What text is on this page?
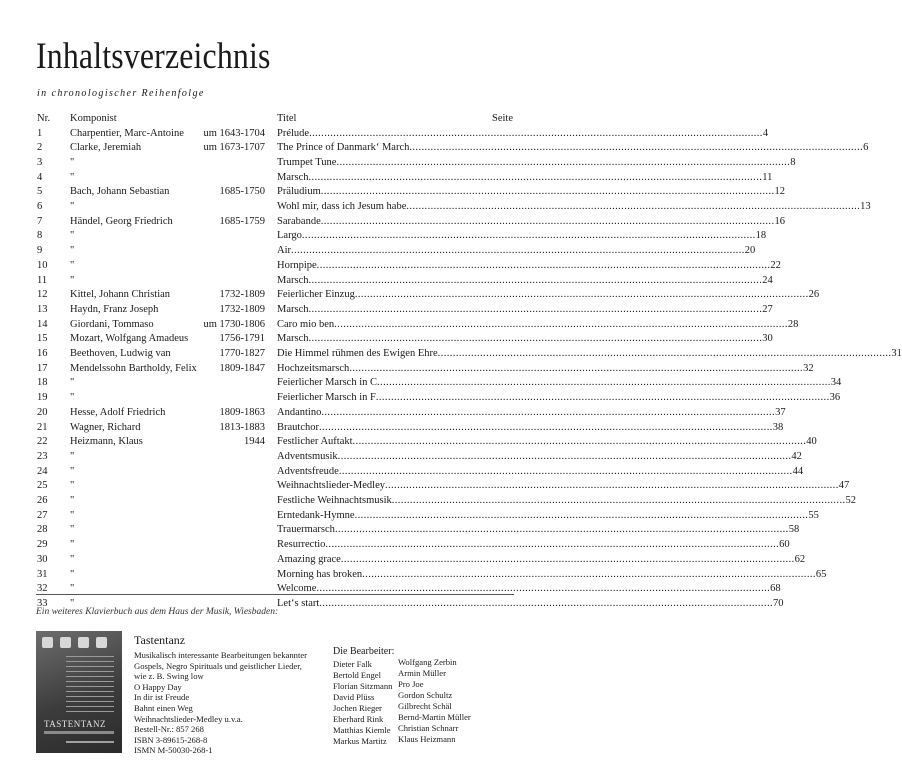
Inhaltsverzeichnis
in chronologischer Reihenfolge
Nr. Komponist	Titel	Seite
1	Charpentier, Marc-Antoine	um 1643-1704 Prélude .....	4
2	Clarke, Jeremiah	um 1673-1707 The Prince of Danmark‘ March .....	6
3	"	Trumpet Tune .....	8
4	"	Marsch .....	11
5	Bach, Johann Sebastian	1685-1750 Präludium .....	12
6	"	Wohl mir, dass ich Jesum habe .....	13
7	Händel, Georg Friedrich	1685-1759 Sarabande .....	16
8	"	Largo .....	18
9	"	Air .....	20
10 "	Hornpipe .....	22
11 "	Marsch .....	24
12 Kittel, Johann Christian	1732-1809 Feierlicher Einzug .....	26
13 Haydn, Franz Joseph	1732-1809 Marsch .....	27
14 Giordani, Tommaso	um 1730-1806 Caro mio ben .....	28
15 Mozart, Wolfgang Amadeus	1756-1791 Marsch .....	30
16 Beethoven, Ludwig van	1770-1827 Die Himmel rühmen des Ewigen Ehre .....	31
17 Mendelssohn Bartholdy, Felix	1809-1847 Hochzeitsmarsch .....	32
18 "	Feierlicher Marsch in C .....	34
19 "	Feierlicher Marsch in F .....	36
20 Hesse, Adolf Friedrich	1809-1863 Andantino .....	37
21 Wagner, Richard	1813-1883 Brautchor .....	38
22 Heizmann, Klaus	1944 Festlicher Auftakt .....	40
23 "	Adventsmusik .....	42
24 "	Adventsfreude .....	44
25 "	Weihnachtslieder-Medley .....	47
26 "	Festliche Weihnachtsmusik .....	52
27 "	Erntedank-Hymne .....	55
28 "	Trauermarsch .....	58
29 "	Resurrectio .....	60
30 "	Amazing grace .....	62
31 "	Morning has broken .....	65
32 "	Welcome .....	68
33 "	Let‘s start .....	70
Ein weiteres Klavierbuch aus dem Haus der Musik, Wiesbaden:
TASTENTANZ
Tastentanz
Musikalisch interessante Bearbeitungen bekannter
Gospels, Negro Spirituals und geistlicher Lieder,
wie z. B. Swing low
O Happy Day
In dir ist Freude
Bahnt einen Weg
Weihnachtslieder-Medley u.v.a.
Bestell-Nr.: 857 268
ISBN 3-89615-268-8
ISMN M-50030-268-1
Die Bearbeiter:
Dieter Falk
Bertold Engel
Florian Sitzmann
David Plüss
Jochen Rieger
Eberhard Rink
Matthias Kiemle
Markus Martitz
Wolfgang Zerbin
Armin Müller
Pro Joe
Gordon Schultz
Gilbrecht Schäl
Bernd-Martin Müller
Christian Schnarr
Klaus Heizmann
